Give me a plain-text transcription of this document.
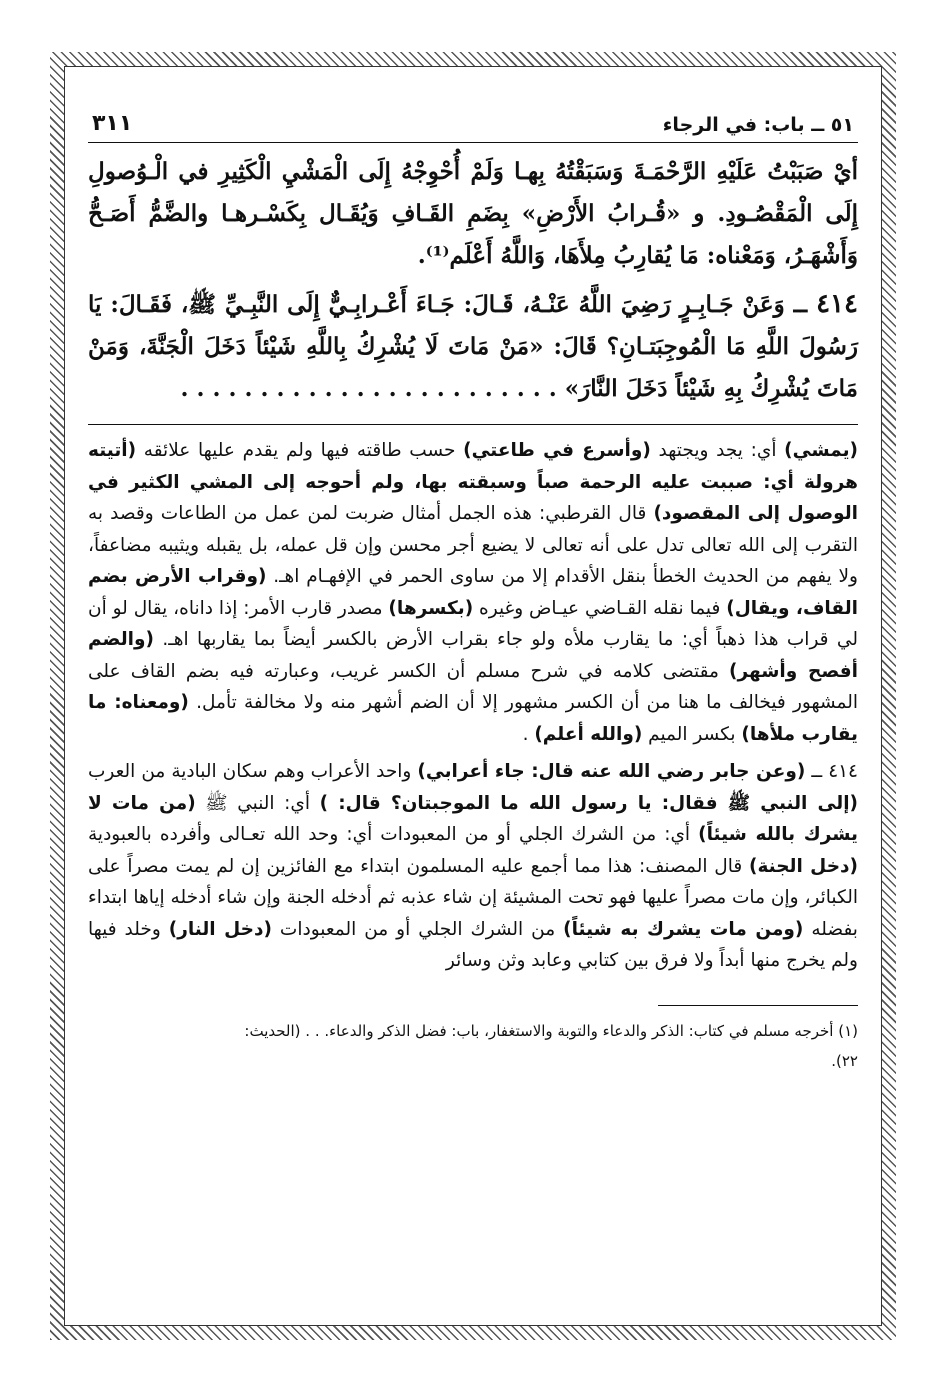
٥١ ــ باب: في الرجاء
٣١١

أيْ صَبَبْتُ عَلَيْهِ الرَّحْمَـةَ وَسَبَقْتُهُ بِهـا وَلَمْ أُحْوِجْهُ إِلَى الْمَشْيِ الْكَثِيرِ في الْـوُصولِ إِلَى الْمَقْصُـودِ. و «قُـرابُ الأَرْضِ» بِضَمِ القَـافِ وَيُقَـال بِكَسْـرهـا والضَّمُّ أَصَـحُّ وَأَشْهَـرُ، وَمَعْناه: مَا يُقارِبُ مِلأَهَا، وَاللَّهُ أَعْلَم⁽¹⁾.

٤١٤ ــ وَعَنْ جَـابِـرٍ رَضِيَ اللَّهُ عَنْـهُ، قَـالَ: جَـاءَ أَعْـرابِـيٌّ إِلَى النَّبِـيِّ ﷺ، فَقَـالَ: يَا رَسُولَ اللَّهِ مَا الْمُوجِبَتـانِ؟ قَالَ: «مَنْ مَاتَ لَا يُشْرِكُ بِاللَّهِ شَيْئاً دَخَلَ الْجَنَّةَ، وَمَنْ مَاتَ يُشْرِكُ بِهِ شَيْئاً دَخَلَ النَّارَ» . . . . . . . . . . . . . . . . . . . . . . . .

(يمشي) أي: يجد ويجتهد (وأسرع في طاعتي) حسب طاقته فيها ولم يقدم عليها علائقه (أتيته هرولة أي: صببت عليه الرحمة صباً وسبقته بها، ولم أحوجه إلى المشي الكثير في الوصول إلى المقصود) قال القرطبي: هذه الجمل أمثال ضربت لمن عمل من الطاعات وقصد به التقرب إلى الله تعالى تدل على أنه تعالى لا يضيع أجر محسن وإن قل عمله، بل يقبله ويثيبه مضاعفاً، ولا يفهم من الحديث الخطأ بنقل الأقدام إلا من ساوى الحمر في الإفهـام اهـ. (وقراب الأرض بضم القاف، ويقال) فيما نقله القـاضي عيـاض وغيره (بكسرها) مصدر قارب الأمر: إذا داناه، يقال لو أن لي قراب هذا ذهباً أي: ما يقارب ملأه ولو جاء بقراب الأرض بالكسر أيضاً بما يقاربها اهـ. (والضم أفصح وأشهر) مقتضى كلامه في شرح مسلم أن الكسر غريب، وعبارته فيه بضم القاف على المشهور فيخالف ما هنا من أن الكسر مشهور إلا أن الضم أشهر منه ولا مخالفة تأمل. (ومعناه: ما يقارب ملأها) بكسر الميم (والله أعلم) .

٤١٤ ــ (وعن جابر رضي الله عنه قال: جاء أعرابي) واحد الأعراب وهم سكان البادية من العرب (إلى النبي ﷺ فقال: يا رسول الله ما الموجبتان؟ قال: ) أي: النبي ﷺ (من مات لا يشرك بالله شيئاً) أي: من الشرك الجلي أو من المعبودات أي: وحد الله تعـالى وأفرده بالعبودية (دخل الجنة) قال المصنف: هذا مما أجمع عليه المسلمون ابتداء مع الفائزين إن لم يمت مصراً على الكبائر، وإن مات مصراً عليها فهو تحت المشيئة إن شاء عذبه ثم أدخله الجنة وإن شاء أدخله إياها ابتداء بفضله (ومن مات يشرك به شيئاً) من الشرك الجلي أو من المعبودات (دخل النار) وخلد فيها ولم يخرج منها أبداً ولا فرق بين كتابي وعابد وثن وسائر

(١) أخرجه مسلم في كتاب: الذكر والدعاء والتوبة والاستغفار، باب: فضل الذكر والدعاء. . . (الحديث:

٢٢).
